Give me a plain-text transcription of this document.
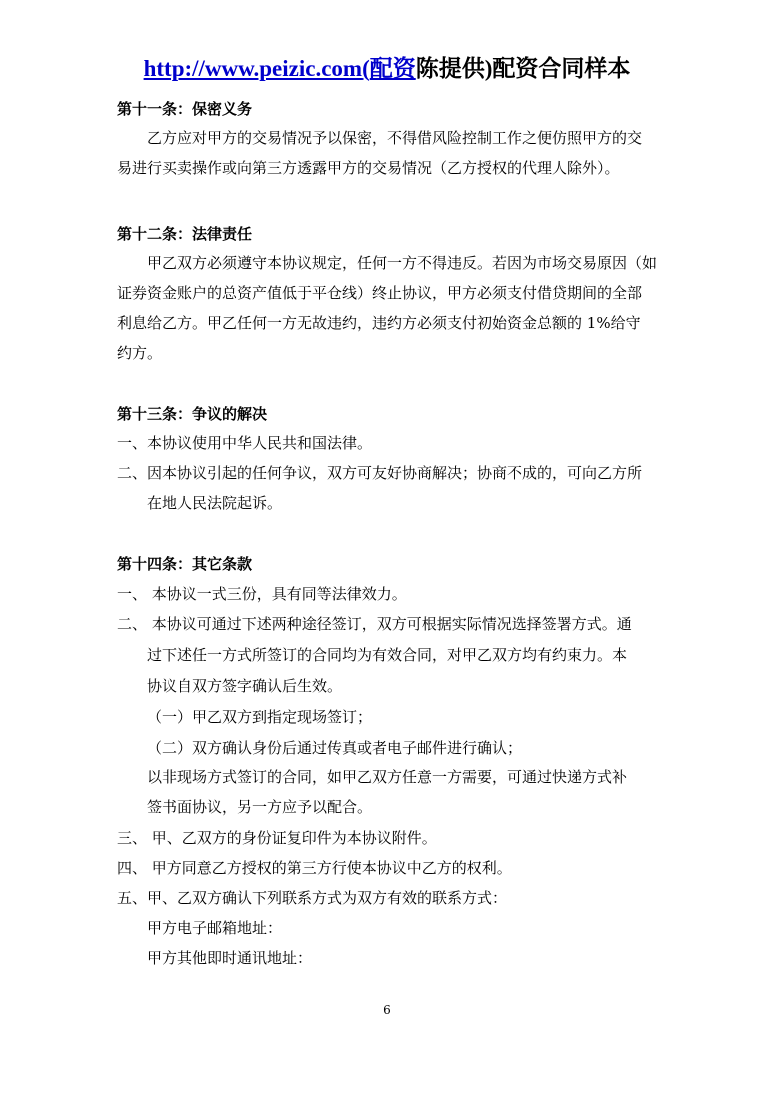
http://www.peizic.com(配资陈提供)配资合同样本
第十一条：保密义务
乙方应对甲方的交易情况予以保密，不得借风险控制工作之便仿照甲方的交
易进行买卖操作或向第三方透露甲方的交易情况（乙方授权的代理人除外）。
第十二条：法律责任
甲乙双方必须遵守本协议规定，任何一方不得违反。若因为市场交易原因（如
证券资金账户的总资产值低于平仓线）终止协议，甲方必须支付借贷期间的全部
利息给乙方。甲乙任何一方无故违约，违约方必须支付初始资金总额的 1%给守
约方。
第十三条：争议的解决
一、本协议使用中华人民共和国法律。
二、因本协议引起的任何争议，双方可友好协商解决；协商不成的，可向乙方所
在地人民法院起诉。
第十四条：其它条款
一、 本协议一式三份，具有同等法律效力。
二、 本协议可通过下述两种途径签订，双方可根据实际情况选择签署方式。通
过下述任一方式所签订的合同均为有效合同，对甲乙双方均有约束力。本
协议自双方签字确认后生效。
（一）甲乙双方到指定现场签订；
（二）双方确认身份后通过传真或者电子邮件进行确认；
以非现场方式签订的合同，如甲乙双方任意一方需要，可通过快递方式补
签书面协议，另一方应予以配合。
三、 甲、乙双方的身份证复印件为本协议附件。
四、 甲方同意乙方授权的第三方行使本协议中乙方的权利。
五、甲、乙双方确认下列联系方式为双方有效的联系方式：
甲方电子邮箱地址：
甲方其他即时通讯地址：
6
